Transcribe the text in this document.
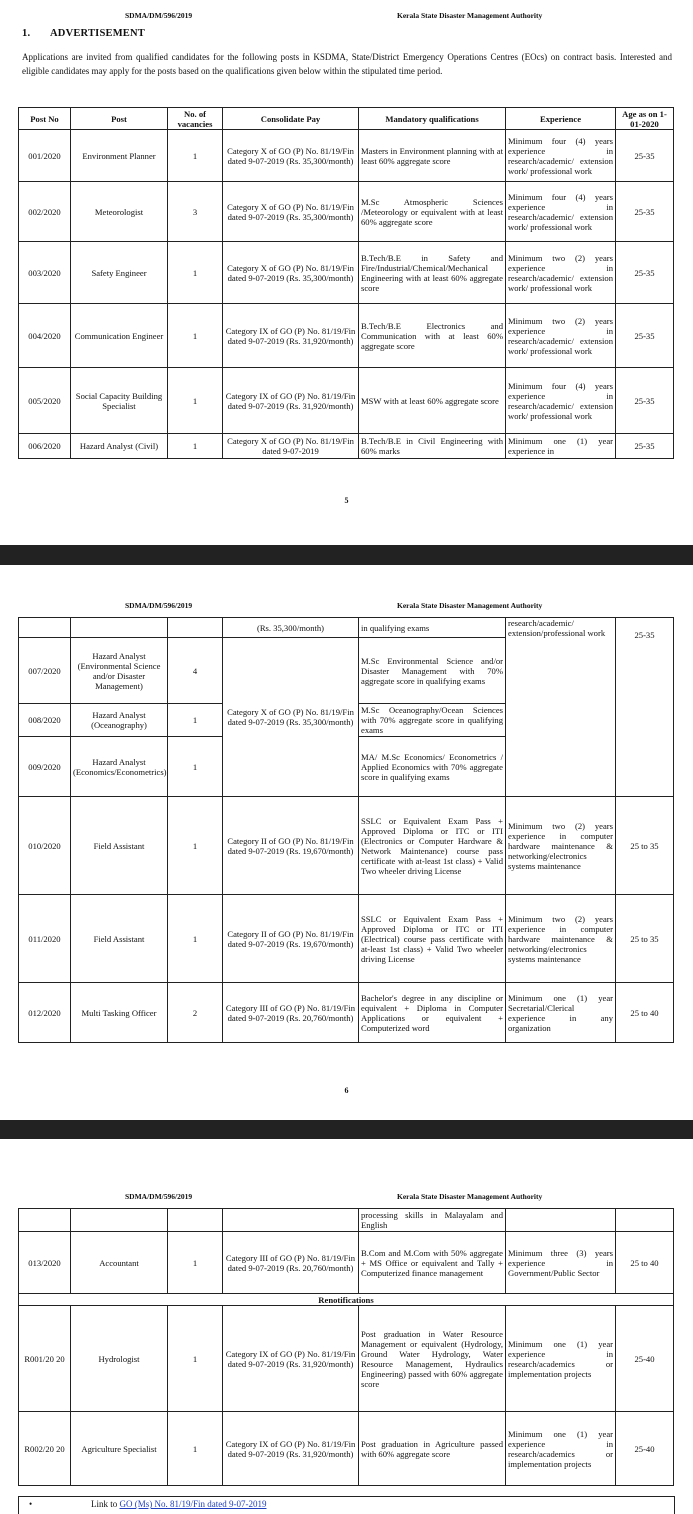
SDMA/DM/596/2019	Kerala State Disaster Management Authority
1. ADVERTISEMENT
Applications are invited from qualified candidates for the following posts in KSDMA, State/District Emergency Operations Centres (EOcs) on contract basis. Interested and eligible candidates may apply for the posts based on the qualifications given below within the stipulated time period.
Post No	Post	No. of vacancies	Consolidate Pay	Mandatory qualifications	Experience	Age as on 1-01-2020
001/2020	Environment Planner	1	Category X of GO (P) No. 81/19/Fin dated 9-07-2019 (Rs. 35,300/month)	Masters in Environment planning with at least 60% aggregate score	Minimum four (4) years experience in research/academic/ extension work/ professional work	25-35
002/2020	Meteorologist	3	Category X of GO (P) No. 81/19/Fin dated 9-07-2019 (Rs. 35,300/month)	M.Sc Atmospheric Sciences /Meteorology or equivalent with at least 60% aggregate score	Minimum four (4) years experience in research/academic/ extension work/ professional work	25-35
003/2020	Safety Engineer	1	Category X of GO (P) No. 81/19/Fin dated 9-07-2019 (Rs. 35,300/month)	B.Tech/B.E in Safety and Fire/Industrial/Chemical/Mechanical Engineering with at least 60% aggregate score	Minimum two (2) years experience in research/academic/ extension work/ professional work	25-35
004/2020	Communication Engineer	1	Category IX of GO (P) No. 81/19/Fin dated 9-07-2019 (Rs. 31,920/month)	B.Tech/B.E Electronics and Communication with at least 60% aggregate score	Minimum two (2) years experience in research/academic/ extension work/ professional work	25-35
005/2020	Social Capacity Building Specialist	1	Category IX of GO (P) No. 81/19/Fin dated 9-07-2019 (Rs. 31,920/month)	MSW with at least 60% aggregate score	Minimum four (4) years experience in research/academic/ extension work/ professional work	25-35
006/2020	Hazard Analyst (Civil)	1	Category X of GO (P) No. 81/19/Fin dated 9-07-2019	B.Tech/B.E in Civil Engineering with 60% marks	Minimum one (1) year experience in	25-35
5
SDMA/DM/596/2019	Kerala State Disaster Management Authority
			(Rs. 35,300/month)	in qualifying exams	research/academic/ extension/professional work	25-35
007/2020	Hazard Analyst (Environmental Science and/or Disaster Management)	4	Category X of GO (P) No. 81/19/Fin dated 9-07-2019 (Rs. 35,300/month)	M.Sc Environmental Science and/or Disaster Management with 70% aggregate score in qualifying exams		
008/2020	Hazard Analyst (Oceanography)	1		M.Sc Oceanography/Ocean Sciences with 70% aggregate score in qualifying exams		
009/2020	Hazard Analyst (Economics/Econometrics)	1		MA/ M.Sc Economics/ Econometrics / Applied Economics with 70% aggregate score in qualifying exams		
010/2020	Field Assistant	1	Category II of GO (P) No. 81/19/Fin dated 9-07-2019 (Rs. 19,670/month)	SSLC or Equivalent Exam Pass + Approved Diploma or ITC or ITI (Electronics or Computer Hardware & Network Maintenance) course pass certificate with at-least 1st class) + Valid Two wheeler driving License	Minimum two (2) years experience in computer hardware maintenance & networking/electronics systems maintenance	25 to 35
011/2020	Field Assistant	1	Category II of GO (P) No. 81/19/Fin dated 9-07-2019 (Rs. 19,670/month)	SSLC or Equivalent Exam Pass + Approved Diploma or ITC or ITI (Electrical) course pass certificate with at-least 1st class) + Valid Two wheeler driving License	Minimum two (2) years experience in computer hardware maintenance & networking/electronics systems maintenance	25 to 35
012/2020	Multi Tasking Officer	2	Category III of GO (P) No. 81/19/Fin dated 9-07-2019 (Rs. 20,760/month)	Bachelor's degree in any discipline or equivalent + Diploma in Computer Applications or equivalent + Computerized word	Minimum one (1) year Secretarial/Clerical experience in any organization	25 to 40
6
SDMA/DM/596/2019	Kerala State Disaster Management Authority
				processing skills in Malayalam and English		
013/2020	Accountant	1	Category III of GO (P) No. 81/19/Fin dated 9-07-2019 (Rs. 20,760/month)	B.Com and M.Com with 50% aggregate + MS Office or equivalent and Tally + Computerized finance management	Minimum three (3) years experience in Government/Public Sector	25 to 40
Renotifications						
R001/20 20	Hydrologist	1	Category IX of GO (P) No. 81/19/Fin dated 9-07-2019 (Rs. 31,920/month)	Post graduation in Water Resource Management or equivalent (Hydrology, Ground Water Hydrology, Water Resource Management, Hydraulics Engineering) passed with 60% aggregate score	Minimum one (1) year experience in research/academics or implementation projects	25-40
R002/20 20	Agriculture Specialist	1	Category IX of GO (P) No. 81/19/Fin dated 9-07-2019 (Rs. 31,920/month)	Post graduation in Agriculture passed with 60% aggregate score	Minimum one (1) year experience in research/academics or implementation projects	25-40
•	Link to GO (Ms) No. 81/19/Fin dated 9-07-2019
